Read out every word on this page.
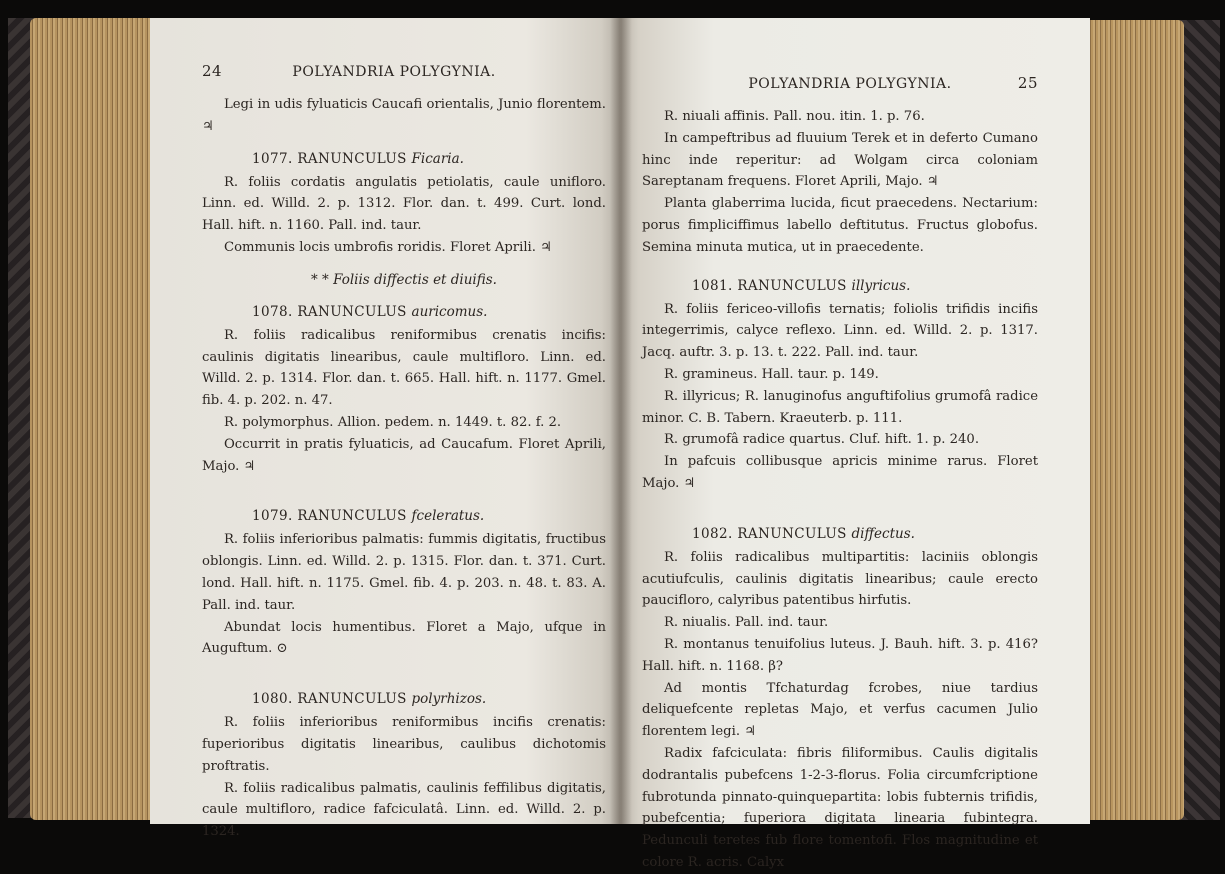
24	POLYANDRIA POLYGYNIA.

Legi in udis fyluaticis Caucafi orientalis, Junio florentem. ♃

1077. RANUNCULUS Ficaria.

R. foliis cordatis angulatis petiolatis, caule unifloro. Linn. ed. Willd. 2. p. 1312. Flor. dan. t. 499. Curt. lond. Hall. hift. n. 1160. Pall. ind. taur.

Communis locis umbrofis roridis. Floret Aprili. ♃

* * Foliis diffectis et diuifis.
1078. RANUNCULUS auricomus.

R. foliis radicalibus reniformibus crenatis incifis: caulinis digitatis linearibus, caule multifloro. Linn. ed. Willd. 2. p. 1314. Flor. dan. t. 665. Hall. hift. n. 1177. Gmel. fib. 4. p. 202. n. 47.

R. polymorphus. Allion. pedem. n. 1449. t. 82. f. 2.

Occurrit in pratis fyluaticis, ad Caucafum. Floret Aprili, Majo. ♃

1079. RANUNCULUS fceleratus.

R. foliis inferioribus palmatis: fummis digitatis, fructibus oblongis. Linn. ed. Willd. 2. p. 1315. Flor. dan. t. 371. Curt. lond. Hall. hift. n. 1175. Gmel. fib. 4. p. 203. n. 48. t. 83. A. Pall. ind. taur.

Abundat locis humentibus. Floret a Majo, ufque in Auguftum. ⊙

1080. RANUNCULUS polyrhizos.

R. foliis inferioribus reniformibus incifis crenatis: fuperioribus digitatis linearibus, caulibus dichotomis proftratis.

R. foliis radicalibus palmatis, caulinis feffilibus digitatis, caule multifloro, radice fafciculatâ. Linn. ed. Willd. 2. p. 1324.

POLYANDRIA POLYGYNIA.	25

R. niuali affinis. Pall. nou. itin. 1. p. 76.

In campeftribus ad fluuium Terek et in deferto Cumano hinc inde reperitur: ad Wolgam circa coloniam Sareptanam frequens. Floret Aprili, Majo. ♃

Planta glaberrima lucida, ficut praecedens. Nectarium: porus fimpliciffimus labello deftitutus. Fructus globofus. Semina minuta mutica, ut in praecedente.

1081. RANUNCULUS illyricus.

R. foliis fericeo-villofis ternatis; foliolis trifidis incifis integerrimis, calyce reflexo. Linn. ed. Willd. 2. p. 1317. Jacq. auftr. 3. p. 13. t. 222. Pall. ind. taur.

R. gramineus. Hall. taur. p. 149.

R. illyricus; R. lanuginofus anguftifolius grumofâ radice minor. C. B. Tabern. Kraeuterb. p. 111.

R. grumofâ radice quartus. Cluf. hift. 1. p. 240.

In pafcuis collibusque apricis minime rarus. Floret Majo. ♃

1082. RANUNCULUS diffectus.

R. foliis radicalibus multipartitis: laciniis oblongis acutiufculis, caulinis digitatis linearibus; caule erecto paucifloro, calyribus patentibus hirfutis.

R. niualis. Pall. ind. taur.

R. montanus tenuifolius luteus. J. Bauh. hift. 3. p. 416? Hall. hift. n. 1168. β?

Ad montis Tfchaturdag fcrobes, niue tardius deliquefcente repletas Majo, et verfus cacumen Julio florentem legi. ♃

Radix fafciculata: fibris filiformibus. Caulis digitalis dodrantalis pubefcens 1-2-3-florus. Folia circumfcriptione fubrotunda pinnato-quinquepartita: lobis fubternis trifidis, pubefcentia; fuperiora digitata linearia fubintegra. Pedunculi teretes fub flore tomentofi. Flos magnitudine et colore R. acris. Calyx
